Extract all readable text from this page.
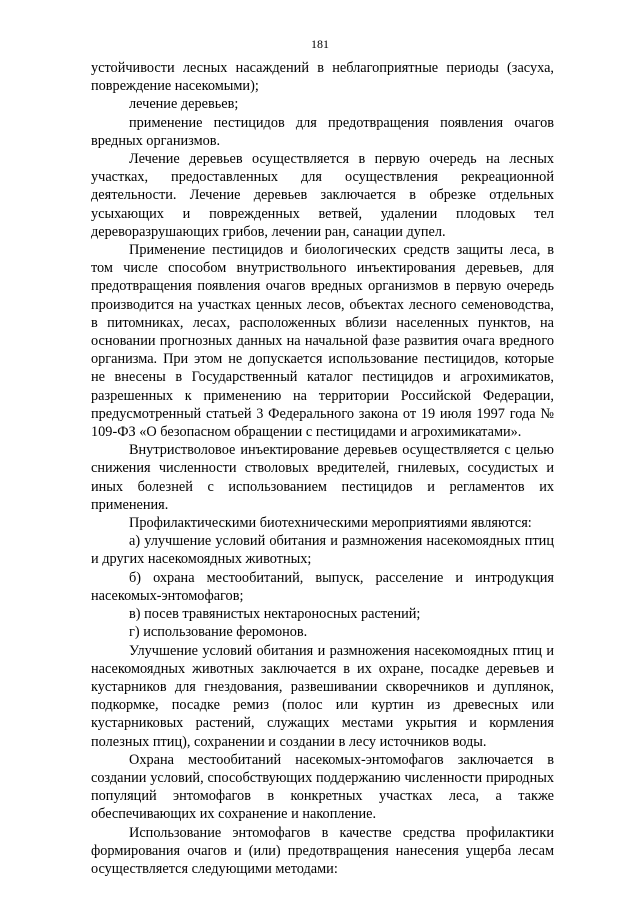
181

устойчивости лесных насаждений в неблагоприятные периоды (засуха, повреждение насекомыми);

лечение деревьев;

применение пестицидов для предотвращения появления очагов вредных организмов.

Лечение деревьев осуществляется в первую очередь на лесных участках, предоставленных для осуществления рекреационной деятельности. Лечение деревьев заключается в обрезке отдельных усыхающих и поврежденных ветвей, удалении плодовых тел дереворазрушающих грибов, лечении ран, санации дупел.

Применение пестицидов и биологических средств защиты леса, в том числе способом внутриствольного инъектирования деревьев, для предотвращения появления очагов вредных организмов в первую очередь производится на участках ценных лесов, объектах лесного семеноводства, в питомниках, лесах, расположенных вблизи населенных пунктов, на основании прогнозных данных на начальной фазе развития очага вредного организма. При этом не допускается использование пестицидов, которые не внесены в Государственный каталог пестицидов и агрохимикатов, разрешенных к применению на территории Российской Федерации, предусмотренный статьей 3 Федерального закона от 19 июля 1997 года № 109-ФЗ «О безопасном обращении с пестицидами и агрохимикатами».

Внутристволовое инъектирование деревьев осуществляется с целью снижения численности стволовых вредителей, гнилевых, сосудистых и иных болезней с использованием пестицидов и регламентов их применения.

Профилактическими биотехническими мероприятиями являются:

а) улучшение условий обитания и размножения насекомоядных птиц и других насекомоядных животных;

б) охрана местообитаний, выпуск, расселение и интродукция насекомых-энтомофагов;

в) посев травянистых нектароносных растений;

г) использование феромонов.

Улучшение условий обитания и размножения насекомоядных птиц и насекомоядных животных заключается в их охране, посадке деревьев и кустарников для гнездования, развешивании скворечников и дуплянок, подкормке, посадке ремиз (полос или куртин из древесных или кустарниковых растений, служащих местами укрытия и кормления полезных птиц), сохранении и создании в лесу источников воды.

Охрана местообитаний насекомых-энтомофагов заключается в создании условий, способствующих поддержанию численности природных популяций энтомофагов в конкретных участках леса, а также обеспечивающих их сохранение и накопление.

Использование энтомофагов в качестве средства профилактики формирования очагов и (или) предотвращения нанесения ущерба лесам осуществляется следующими методами:
